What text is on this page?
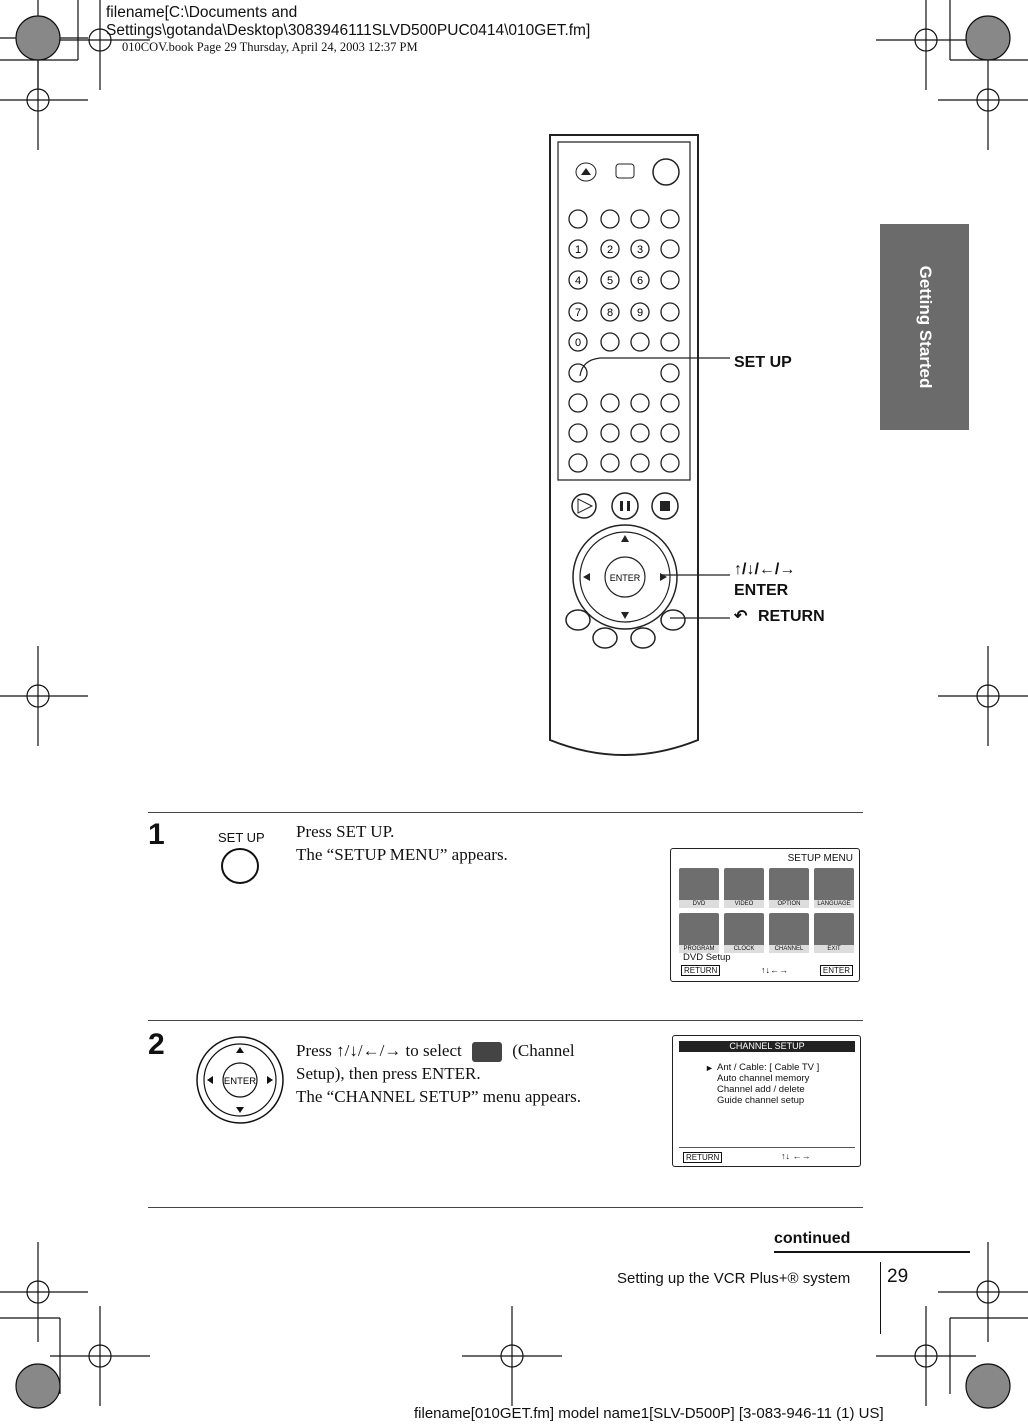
filename[C:\Documents and
Settings\gotanda\Desktop\3083946111SLVD500PUC0414\010GET.fm]
010COV.book Page 29 Thursday, April 24, 2003 12:37 PM
Getting Started
1 2 3
4 5 6
7 8 9
0
ENTER
SET UP
↑/↓/←/→
ENTER
↶ RETURN
1	SET UP Press SET UP.
The “SETUP MENU” appears.	SETUP MENU
DVD	VIDEO	OPTION	LANGUAGE
PROGRAM	CLOCK	CHANNEL	EXIT
DVD Setup
RETURN	↑↓←→	ENTER
2
ENTER
Press ↑/↓/←/→ to select	(Channel
Setup), then press ENTER.
The “CHANNEL SETUP” menu appears.
CHANNEL SETUP
► Ant / Cable: [ Cable TV ]
Auto channel memory
Channel add / delete
Guide channel setup
RETURN	↑↓ ←→
continued
Setting up the VCR Plus+® system 29
filename[010GET.fm] model name1[SLV-D500P] [3-083-946-11 (1) US]
